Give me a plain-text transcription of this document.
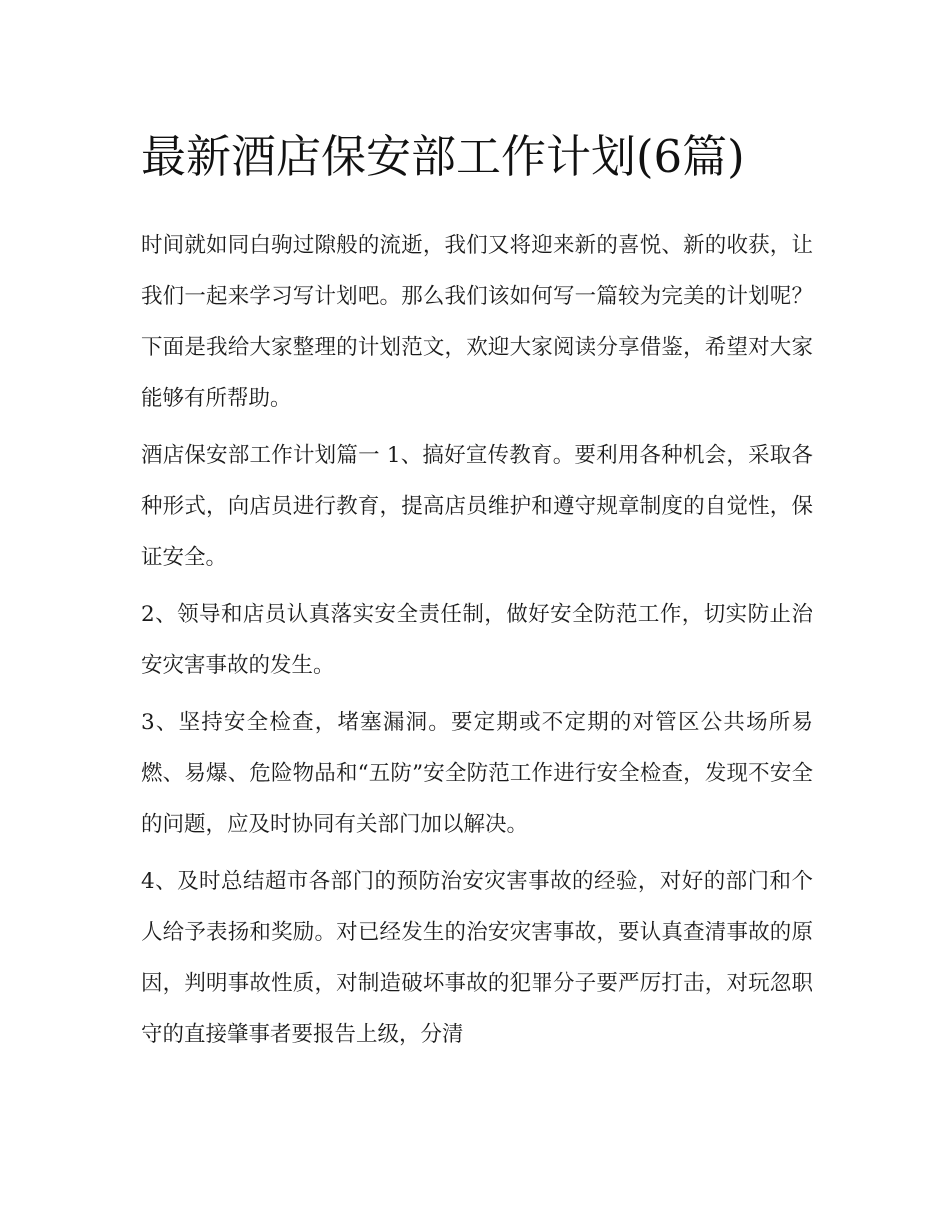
最新酒店保安部工作计划(6篇)

时间就如同白驹过隙般的流逝，我们又将迎来新的喜悦、新的收获，让我们一起来学习写计划吧。那么我们该如何写一篇较为完美的计划呢？下面是我给大家整理的计划范文，欢迎大家阅读分享借鉴，希望对大家能够有所帮助。

酒店保安部工作计划篇一 1、搞好宣传教育。要利用各种机会，采取各种形式，向店员进行教育，提高店员维护和遵守规章制度的自觉性，保证安全。

2、领导和店员认真落实安全责任制，做好安全防范工作，切实防止治安灾害事故的发生。

3、坚持安全检查，堵塞漏洞。要定期或不定期的对管区公共场所易燃、易爆、危险物品和“五防”安全防范工作进行安全检查，发现不安全的问题，应及时协同有关部门加以解决。

4、及时总结超市各部门的预防治安灾害事故的经验，对好的部门和个人给予表扬和奖励。对已经发生的治安灾害事故，要认真查清事故的原因，判明事故性质，对制造破坏事故的犯罪分子要严厉打击，对玩忽职守的直接肇事者要报告上级，分清
